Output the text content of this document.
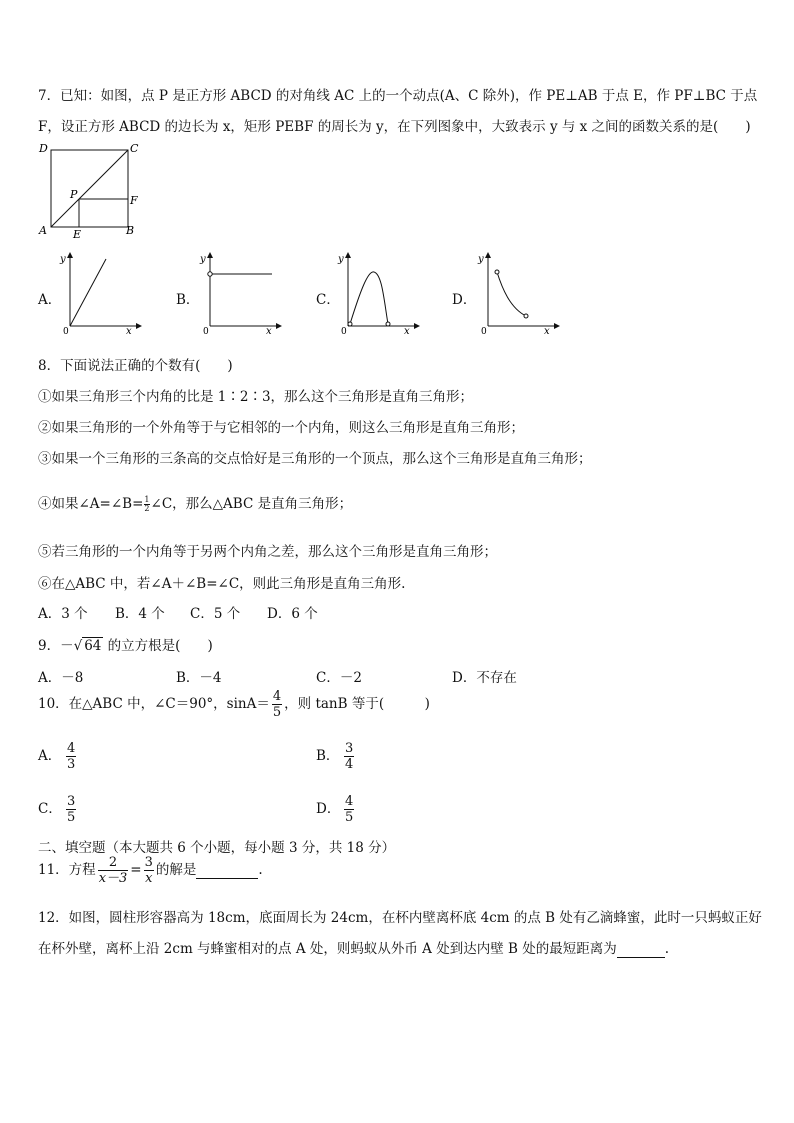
7．已知：如图，点 P 是正方形 ABCD 的对角线 AC 上的一个动点(A、C 除外)，作 PE⊥AB 于点 E，作 PF⊥BC 于点
F，设正方形 ABCD 的边长为 x，矩形 PEBF 的周长为 y，在下列图象中，大致表示 y 与 x 之间的函数关系的是(　　)
D	C
P	F
A E	B
A．
y
0	x
B．
y
0	x
C．
y
0	x
D．
y
0	x
8．下面说法正确的个数有(　　)
①如果三角形三个内角的比是 1∶2∶3，那么这个三角形是直角三角形；
②如果三角形的一个外角等于与它相邻的一个内角，则这么三角形是直角三角形；
③如果一个三角形的三条高的交点恰好是三角形的一个顶点，那么这个三角形是直角三角形；
④如果∠A=∠B= $\frac{1}{2}$ ∠C，那么△ABC 是直角三角形；
⑤若三角形的一个内角等于另两个内角之差，那么这个三角形是直角三角形；
⑥在△ABC 中，若∠A＋∠B=∠C，则此三角形是直角三角形.
A．3 个 B．4 个 C．5 个 D．6 个
9．－√ 64 的立方根是(　　)
A．－8	B．－4	C．－2	D．不存在
10．在△ABC 中，∠C＝90°，$\sin A= \frac{4}{5}$ ，则 tanB 等于(　　　)
A． $\frac{4}{3}$	B． $\frac{3}{4}$
C． $\frac{3}{5}$	D． $\frac{4}{5}$
二、填空题（本大题共 6 个小题，每小题 3 分，共 18 分）
11．方程 $\frac{2}{x-3} = \frac{3}{x}$ 的解是	.
12．如图，圆柱形容器高为 18cm，底面周长为 24cm，在杯内壁离杯底 4cm 的点 B 处有乙滴蜂蜜，此时一只蚂蚁正好
在杯外壁，离杯上沿 2cm 与蜂蜜相对的点 A 处，则蚂蚁从外币 A 处到达内壁 B 处的最短距离为	.
